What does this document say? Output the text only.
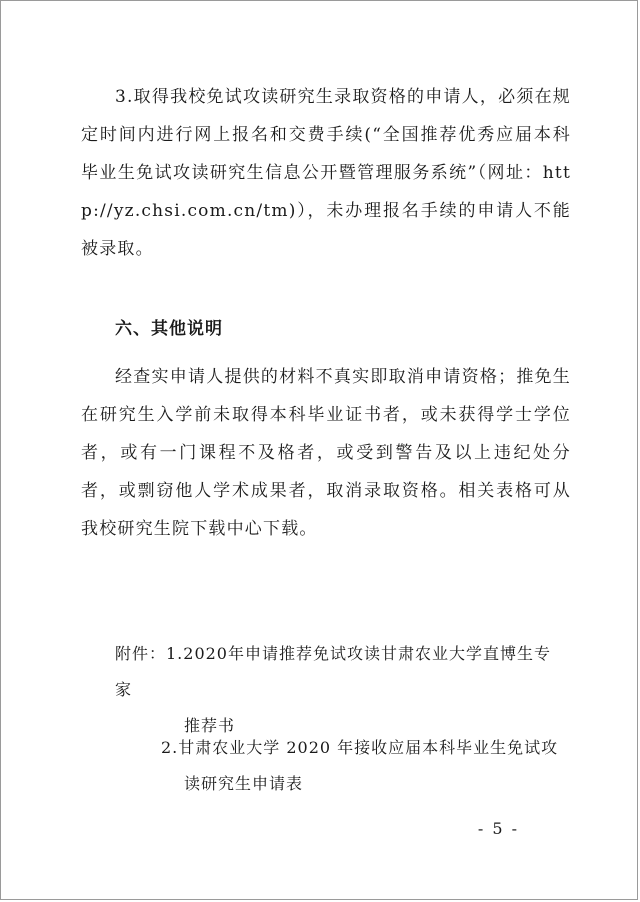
3.取得我校免试攻读研究生录取资格的申请人，必须在规定时间内进行网上报名和交费手续(“全国推荐优秀应届本科毕业生免试攻读研究生信息公开暨管理服务系统”（网址：http://yz.chsi.com.cn/tm)），未办理报名手续的申请人不能被录取。
六、其他说明
经查实申请人提供的材料不真实即取消申请资格；推免生在研究生入学前未取得本科毕业证书者，或未获得学士学位者，或有一门课程不及格者，或受到警告及以上违纪处分者，或剽窃他人学术成果者，取消录取资格。相关表格可从我校研究生院下载中心下载。
附件：1.2020年申请推荐免试攻读甘肃农业大学直博生专家
推荐书
2.甘肃农业大学 2020 年接收应届本科毕业生免试攻
读研究生申请表
- 5 -
